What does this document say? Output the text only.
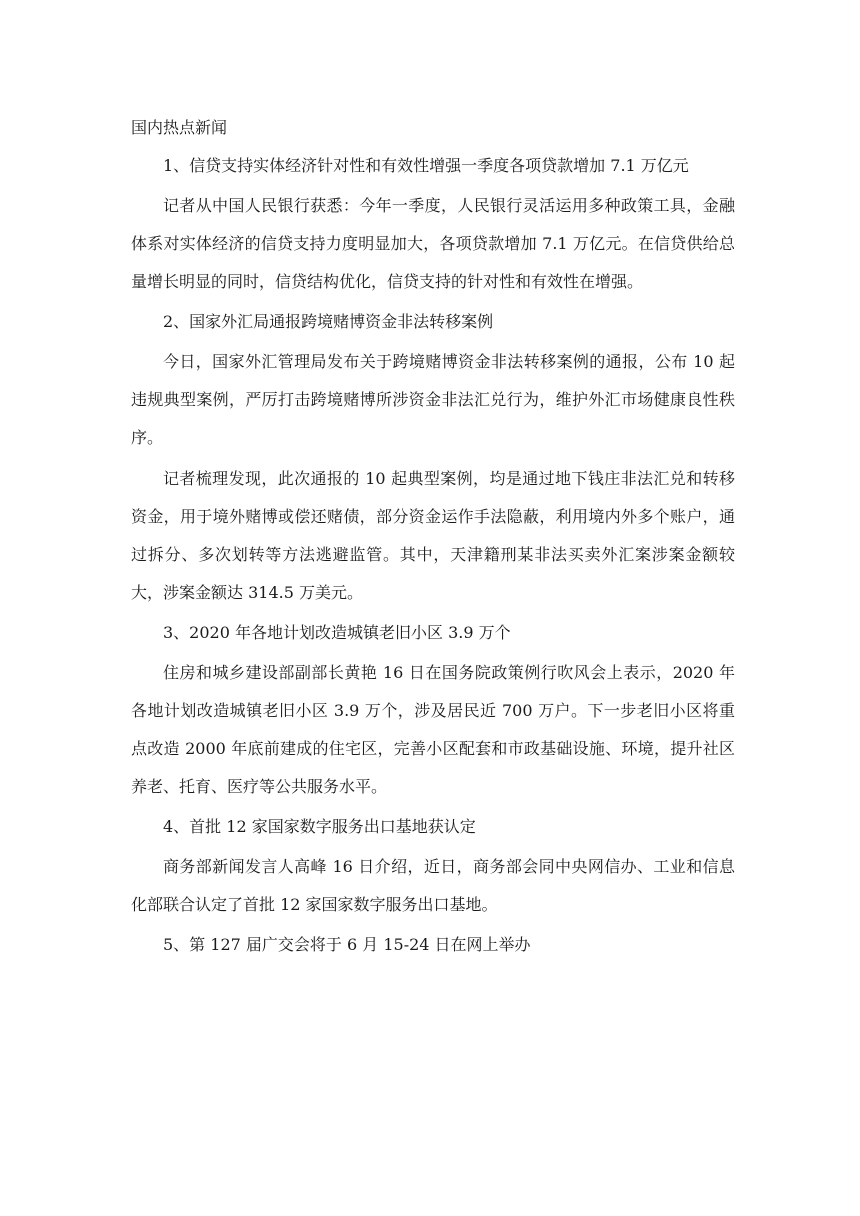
国内热点新闻

1、信贷支持实体经济针对性和有效性增强一季度各项贷款增加 7.1 万亿元

记者从中国人民银行获悉：今年一季度，人民银行灵活运用多种政策工具，金融体系对实体经济的信贷支持力度明显加大，各项贷款增加 7.1 万亿元。在信贷供给总量增长明显的同时，信贷结构优化，信贷支持的针对性和有效性在增强。

2、国家外汇局通报跨境赌博资金非法转移案例

今日，国家外汇管理局发布关于跨境赌博资金非法转移案例的通报，公布 10 起违规典型案例，严厉打击跨境赌博所涉资金非法汇兑行为，维护外汇市场健康良性秩序。

记者梳理发现，此次通报的 10 起典型案例，均是通过地下钱庄非法汇兑和转移资金，用于境外赌博或偿还赌债，部分资金运作手法隐蔽，利用境内外多个账户，通过拆分、多次划转等方法逃避监管。其中，天津籍刑某非法买卖外汇案涉案金额较大，涉案金额达 314.5 万美元。

3、2020 年各地计划改造城镇老旧小区 3.9 万个

住房和城乡建设部副部长黄艳 16 日在国务院政策例行吹风会上表示，2020 年各地计划改造城镇老旧小区 3.9 万个，涉及居民近 700 万户。下一步老旧小区将重点改造 2000 年底前建成的住宅区，完善小区配套和市政基础设施、环境，提升社区养老、托育、医疗等公共服务水平。

4、首批 12 家国家数字服务出口基地获认定

商务部新闻发言人高峰 16 日介绍，近日，商务部会同中央网信办、工业和信息化部联合认定了首批 12 家国家数字服务出口基地。

5、第 127 届广交会将于 6 月 15-24 日在网上举办
